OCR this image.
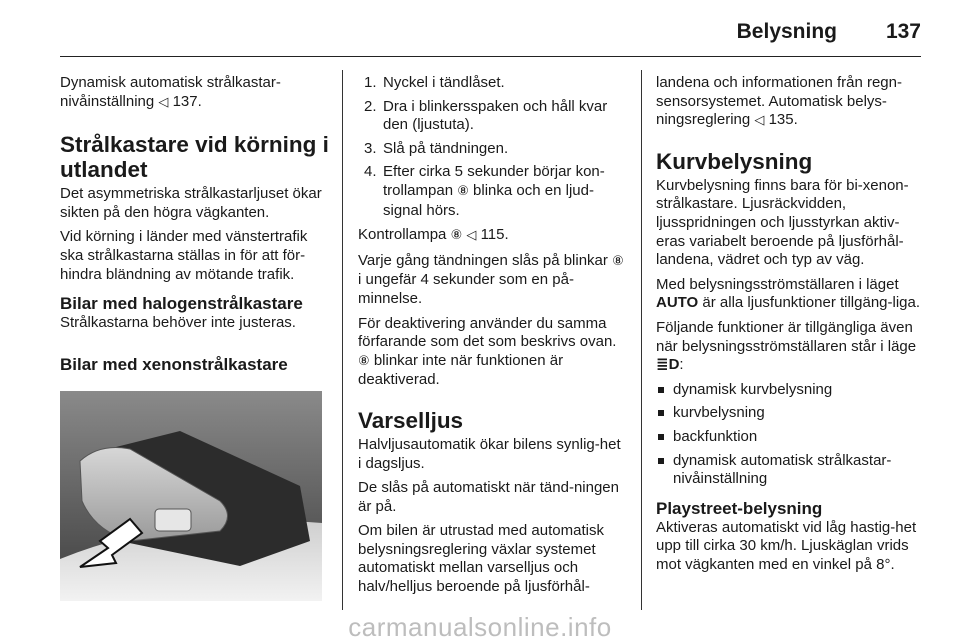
Belysning 137

Dynamisk automatisk strålkastar-nivåinställning ◁ 137.

Strålkastare vid körning i utlandet

Det asymmetriska strålkastarljuset ökar sikten på den högra vägkanten.

Vid körning i länder med vänstertrafik ska strålkastarna ställas in för att för-hindra bländning av mötande trafik.

Bilar med halogenstrålkastare

Strålkastarna behöver inte justeras.

Bilar med xenonstrålkastare
1. Nyckel i tändlåset.
2. Dra i blinkersspaken och håll kvar den (ljustuta).
3. Slå på tändningen.
4. Efter cirka 5 sekunder börjar kon-trollampan ⑧ blinka och en ljud-signal hörs.

Kontrollampa ⑧ ◁ 115.

Varje gång tändningen slås på blinkar ⑧ i ungefär 4 sekunder som en på-minnelse.

För deaktivering använder du samma förfarande som det som beskrivs ovan. ⑧ blinkar inte när funktionen är deaktiverad.

Varselljus

Halvljusautomatik ökar bilens synlig-het i dagsljus.

De slås på automatiskt när tänd-ningen är på.

Om bilen är utrustad med automatisk belysningsreglering växlar systemet automatiskt mellan varselljus och halv/helljus beroende på ljusförhål-

landena och informationen från regn-sensorsystemet. Automatisk belys-ningsreglering ◁ 135.

Kurvbelysning

Kurvbelysning finns bara för bi-xenon-strålkastare. Ljusräckvidden, ljusspridningen och ljusstyrkan aktiv-eras variabelt beroende på ljusförhål-landena, vädret och typ av väg.

Med belysningsströmställaren i läget AUTO är alla ljusfunktioner tillgäng-liga.

Följande funktioner är tillgängliga även när belysningsströmställaren står i läge ≣D:

dynamisk kurvbelysning
kurvbelysning
backfunktion
dynamisk automatisk strålkastar-nivåinställning
Playstreet-belysning

Aktiveras automatiskt vid låg hastig-het upp till cirka 30 km/h. Ljuskäglan vrids mot vägkanten med en vinkel på 8°.

carmanualsonline.info
